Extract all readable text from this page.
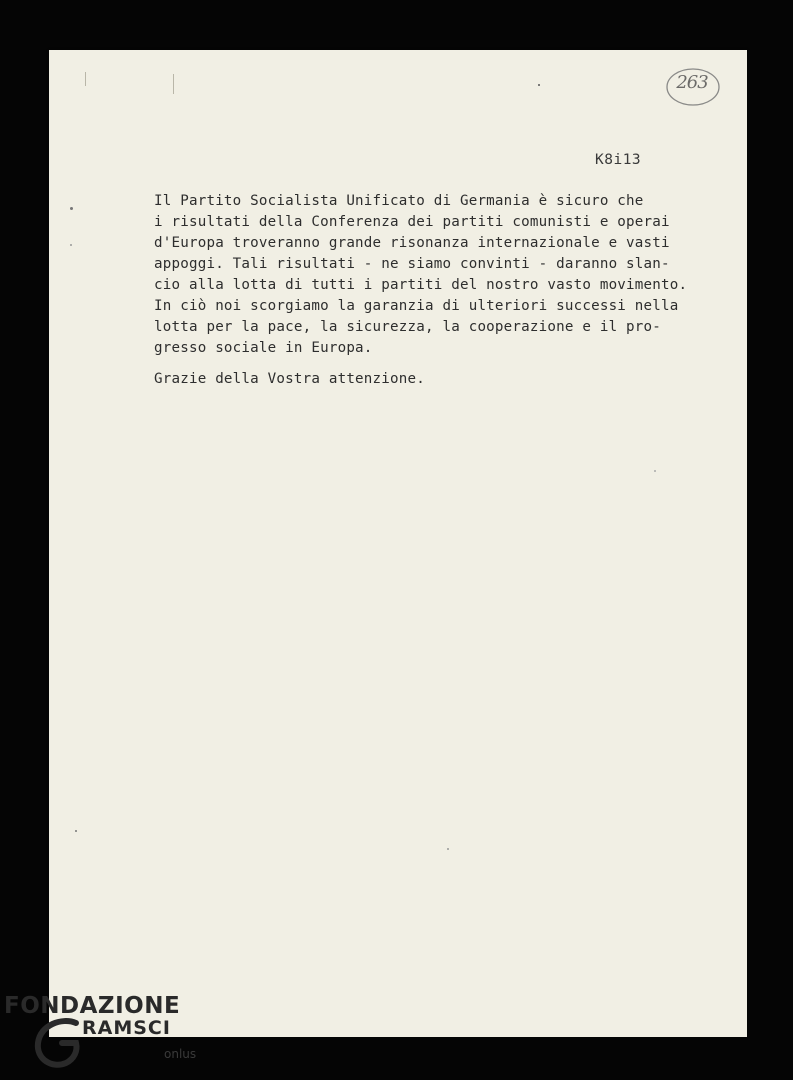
263
K8i13
Il Partito Socialista Unificato di Germania è sicuro che
i risultati della Conferenza dei partiti comunisti e operai
d'Europa troveranno grande risonanza internazionale e vasti
appoggi. Tali risultati - ne siamo convinti - daranno slan-
cio alla lotta di tutti i partiti del nostro vasto movimento.
In ciò noi scorgiamo la garanzia di ulteriori successi nella
lotta per la pace, la sicurezza, la cooperazione e il pro-
gresso sociale in Europa.
Grazie della Vostra attenzione.
FONDAZIONE
RAMSCI
onlus
